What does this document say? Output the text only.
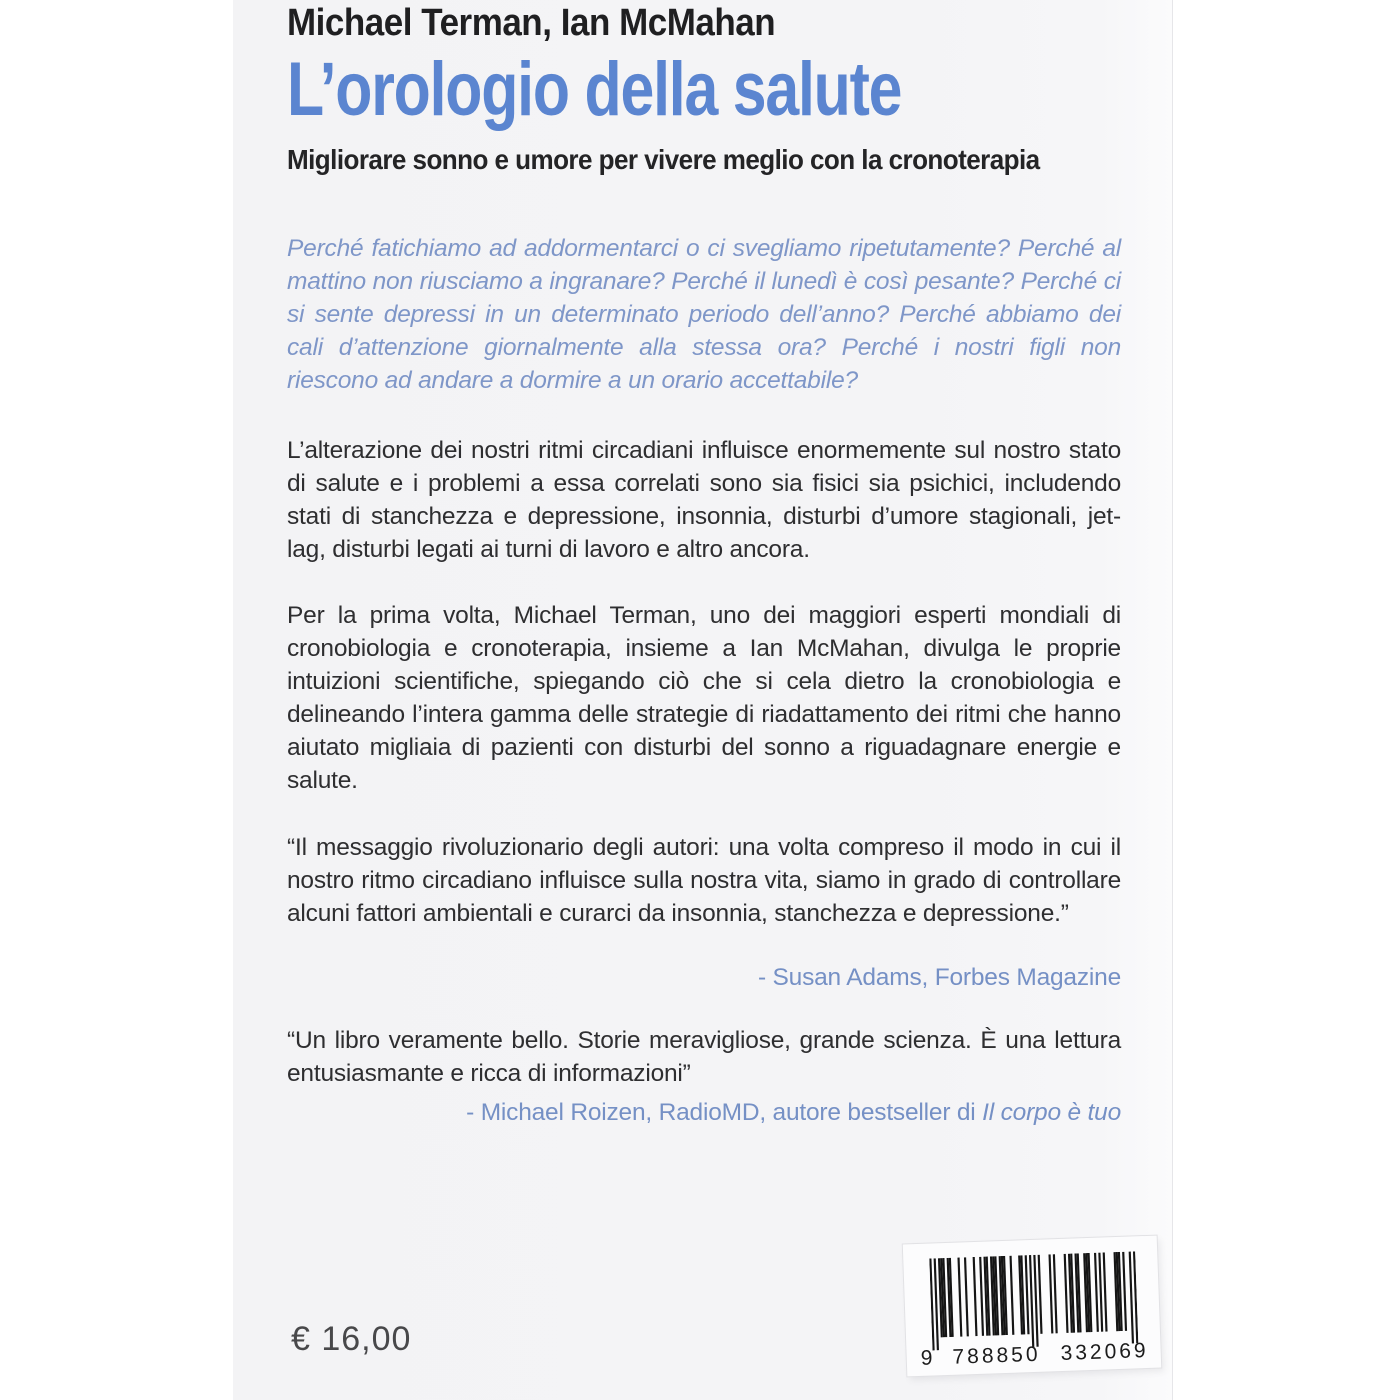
Michael Terman, Ian McMahan
L’orologio della salute
Migliorare sonno e umore per vivere meglio con la cronoterapia

Perché fatichiamo ad addormentarci o ci svegliamo ripetutamente? Perché al mattino non riusciamo a ingranare? Perché il lunedì è così pesante? Perché ci si sente depressi in un determinato periodo dell’anno? Perché abbiamo dei cali d’attenzione giornalmente alla stessa ora? Perché i nostri figli non riescono ad andare a dormire a un orario accettabile?

L’alterazione dei nostri ritmi circadiani influisce enormemente sul nostro stato di salute e i problemi a essa correlati sono sia fisici sia psichici, includendo stati di stanchezza e depressione, insonnia, disturbi d’umore stagionali, jet-lag, disturbi legati ai turni di lavoro e altro ancora.

Per la prima volta, Michael Terman, uno dei maggiori esperti mondiali di cronobiologia e cronoterapia, insieme a Ian McMahan, divulga le proprie intuizioni scientifiche, spiegando ciò che si cela dietro la cronobiologia e delineando l’intera gamma delle strategie di riadattamento dei ritmi che hanno aiutato migliaia di pazienti con disturbi del sonno a riguadagnare energie e salute.

“Il messaggio rivoluzionario degli autori: una volta compreso il modo in cui il nostro ritmo circadiano influisce sulla nostra vita, siamo in grado di controllare alcuni fattori ambientali e curarci da insonnia, stanchezza e depressione.”

- Susan Adams, Forbes Magazine

“Un libro veramente bello. Storie meravigliose, grande scienza. È una lettura entusiasmante e ricca di informazioni”

- Michael Roizen, RadioMD, autore bestseller di Il corpo è tuo

€ 16,00
9 788850 332069
